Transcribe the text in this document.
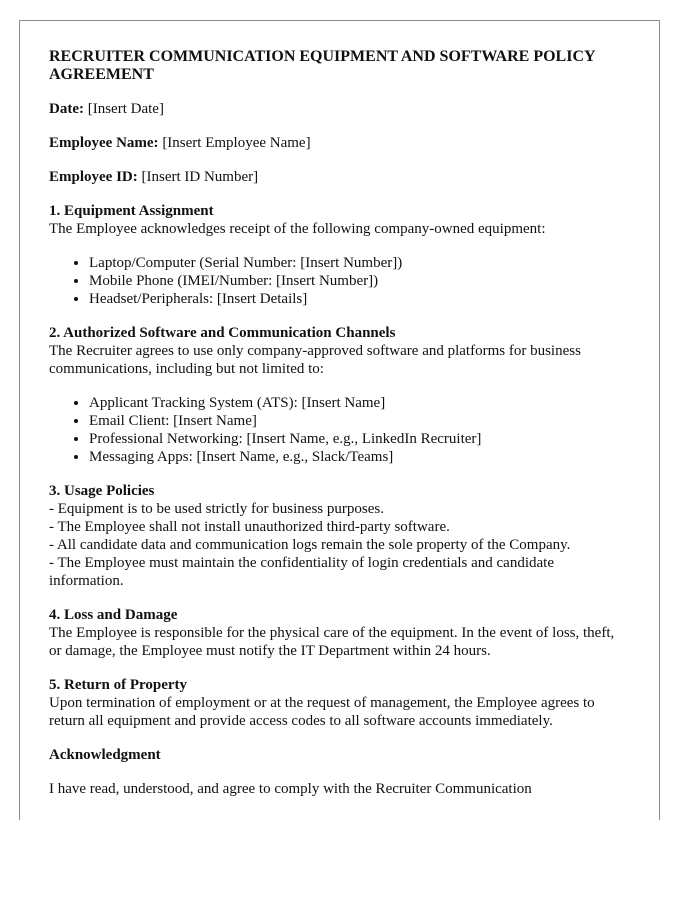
RECRUITER COMMUNICATION EQUIPMENT AND SOFTWARE POLICY AGREEMENT
Date: [Insert Date]
Employee Name: [Insert Employee Name]
Employee ID: [Insert ID Number]
1. Equipment Assignment
The Employee acknowledges receipt of the following company-owned equipment:
• Laptop/Computer (Serial Number: [Insert Number])
• Mobile Phone (IMEI/Number: [Insert Number])
• Headset/Peripherals: [Insert Details]
2. Authorized Software and Communication Channels
The Recruiter agrees to use only company-approved software and platforms for business communications, including but not limited to:
• Applicant Tracking System (ATS): [Insert Name]
• Email Client: [Insert Name]
• Professional Networking: [Insert Name, e.g., LinkedIn Recruiter]
• Messaging Apps: [Insert Name, e.g., Slack/Teams]
3. Usage Policies
- Equipment is to be used strictly for business purposes.
- The Employee shall not install unauthorized third-party software.
- All candidate data and communication logs remain the sole property of the Company.
- The Employee must maintain the confidentiality of login credentials and candidate information.
4. Loss and Damage
The Employee is responsible for the physical care of the equipment. In the event of loss, theft, or damage, the Employee must notify the IT Department within 24 hours.
5. Return of Property
Upon termination of employment or at the request of management, the Employee agrees to return all equipment and provide access codes to all software accounts immediately.
Acknowledgment
I have read, understood, and agree to comply with the Recruiter Communication
